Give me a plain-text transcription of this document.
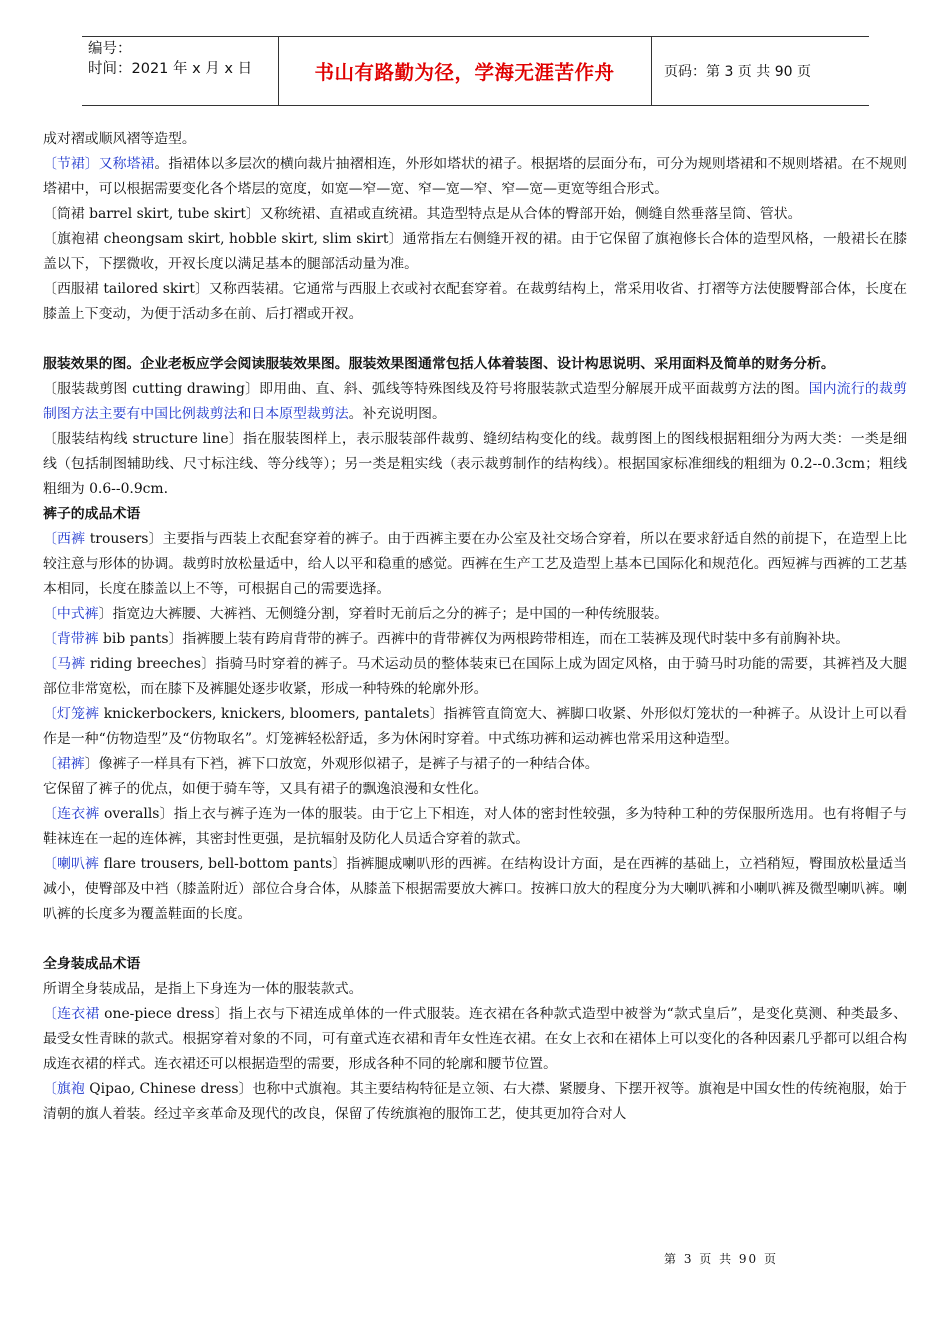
编号：
时间：2021 年 x 月 x 日	书山有路勤为径，学海无涯苦作舟	页码：第 3 页 共 90 页

成对褶或顺风褶等造型。

〔节裙〕又称塔裙。指裙体以多层次的横向裁片抽褶相连，外形如塔状的裙子。根据塔的层面分布，可分为规则塔裙和不规则塔裙。在不规则塔裙中，可以根据需要变化各个塔层的宽度，如宽—窄—宽、窄—宽—窄、窄—宽—更宽等组合形式。

〔筒裙 barrel skirt, tube skirt〕又称统裙、直裙或直统裙。其造型特点是从合体的臀部开始，侧缝自然垂落呈筒、管状。

〔旗袍裙 cheongsam skirt, hobble skirt, slim skirt〕通常指左右侧缝开衩的裙。由于它保留了旗袍修长合体的造型风格，一般裙长在膝盖以下，下摆微收，开衩长度以满足基本的腿部活动量为准。

〔西服裙 tailored skirt〕又称西装裙。它通常与西服上衣或衬衣配套穿着。在裁剪结构上，常采用收省、打褶等方法使腰臀部合体，长度在膝盖上下变动，为便于活动多在前、后打褶或开衩。

服装效果的图。企业老板应学会阅读服装效果图。服装效果图通常包括人体着装图、设计构思说明、采用面料及简单的财务分析。

〔服装裁剪图 cutting drawing〕即用曲、直、斜、弧线等特殊图线及符号将服装款式造型分解展开成平面裁剪方法的图。国内流行的裁剪制图方法主要有中国比例裁剪法和日本原型裁剪法。补充说明图。

〔服装结构线 structure line〕指在服装图样上，表示服装部件裁剪、缝纫结构变化的线。裁剪图上的图线根据粗细分为两大类：一类是细线（包括制图辅助线、尺寸标注线、等分线等）；另一类是粗实线（表示裁剪制作的结构线）。根据国家标准细线的粗细为 0.2--0.3cm；粗线粗细为 0.6--0.9cm.

裤子的成品术语

〔西裤 trousers〕主要指与西装上衣配套穿着的裤子。由于西裤主要在办公室及社交场合穿着，所以在要求舒适自然的前提下，在造型上比较注意与形体的协调。裁剪时放松量适中，给人以平和稳重的感觉。西裤在生产工艺及造型上基本已国际化和规范化。西短裤与西裤的工艺基本相同，长度在膝盖以上不等，可根据自己的需要选择。

〔中式裤〕指宽边大裤腰、大裤裆、无侧缝分割，穿着时无前后之分的裤子；是中国的一种传统服装。

〔背带裤 bib pants〕指裤腰上装有跨肩背带的裤子。西裤中的背带裤仅为两根跨带相连，而在工装裤及现代时装中多有前胸补块。

〔马裤 riding breeches〕指骑马时穿着的裤子。马术运动员的整体装束已在国际上成为固定风格，由于骑马时功能的需要，其裤裆及大腿部位非常宽松，而在膝下及裤腿处逐步收紧，形成一种特殊的轮廓外形。

〔灯笼裤 knickerbockers, knickers, bloomers, pantalets〕指裤管直筒宽大、裤脚口收紧、外形似灯笼状的一种裤子。从设计上可以看作是一种“仿物造型”及“仿物取名”。灯笼裤轻松舒适，多为休闲时穿着。中式练功裤和运动裤也常采用这种造型。

〔裙裤〕像裤子一样具有下裆，裤下口放宽，外观形似裙子，是裤子与裙子的一种结合体。

它保留了裤子的优点，如便于骑车等，又具有裙子的飘逸浪漫和女性化。

〔连衣裤 overalls〕指上衣与裤子连为一体的服装。由于它上下相连，对人体的密封性较强，多为特种工种的劳保服所选用。也有将帽子与鞋袜连在一起的连体裤，其密封性更强，是抗辐射及防化人员适合穿着的款式。

〔喇叭裤 flare trousers, bell-bottom pants〕指裤腿成喇叭形的西裤。在结构设计方面，是在西裤的基础上，立裆稍短，臀围放松量适当减小，使臀部及中裆（膝盖附近）部位合身合体，从膝盖下根据需要放大裤口。按裤口放大的程度分为大喇叭裤和小喇叭裤及微型喇叭裤。喇叭裤的长度多为覆盖鞋面的长度。

全身装成品术语

所谓全身装成品，是指上下身连为一体的服装款式。

〔连衣裙 one-piece dress〕指上衣与下裙连成单体的一件式服装。连衣裙在各种款式造型中被誉为“款式皇后”，是变化莫测、种类最多、最受女性青睐的款式。根据穿着对象的不同，可有童式连衣裙和青年女性连衣裙。在女上衣和在裙体上可以变化的各种因素几乎都可以组合构成连衣裙的样式。连衣裙还可以根据造型的需要，形成各种不同的轮廓和腰节位置。

〔旗袍 Qipao, Chinese dress〕也称中式旗袍。其主要结构特征是立领、右大襟、紧腰身、下摆开衩等。旗袍是中国女性的传统袍服，始于清朝的旗人着装。经过辛亥革命及现代的改良，保留了传统旗袍的服饰工艺，使其更加符合对人

第 3 页 共 90 页
